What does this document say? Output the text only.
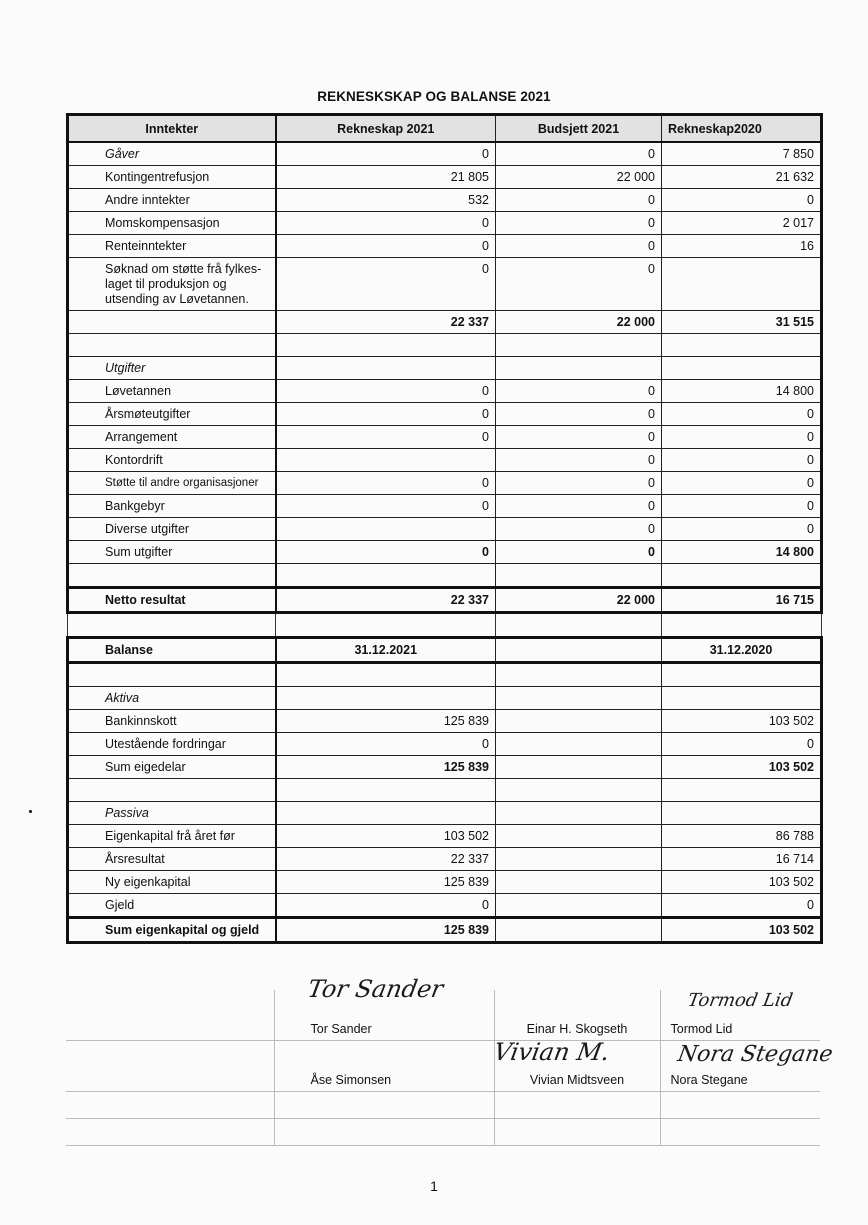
REKNESKSKAP OG BALANSE 2021
Inntekter	Rekneskap 2021	Budsjett 2021	Rekneskap2020
Gåver	0	0	7 850
Kontingentrefusjon	21 805	22 000	21 632
Andre inntekter	532	0	0
Momskompensasjon	0	0	2 017
Renteinntekter	0	0	16
Søknad om støtte frå fylkes-laget til produksjon og utsending av Løvetannen.	0	0	
	22 337	22 000	31 515

Utgifter			
Løvetannen	0	0	14 800
Årsmøteutgifter	0	0	0
Arrangement	0	0	0
Kontordrift		0	0
Støtte til andre organisasjoner	0	0	0
Bankgebyr	0	0	0
Diverse utgifter		0	0
Sum utgifter	0	0	14 800

Netto resultat	22 337	22 000	16 715

Balanse	31.12.2021		31.12.2020

Aktiva			
Bankinnskott	125 839		103 502
Utestående fordringar	0		0
Sum eigedelar	125 839		103 502

Passiva			
Eigenkapital frå året før	103 502		86 788
Årsresultat	22 337		16 714
Ny eigenkapital	125 839		103 502
Gjeld	0		0
Sum eigenkapital og gjeld	125 839		103 502
	Tor Sander	Einar H. Skogseth	Tormod Lid
	Åse Simonsen	Vivian Midtsveen	Nora Stegane

Tor Sander	Tormod Lid
Vivian M.	Nora Stegane
1
